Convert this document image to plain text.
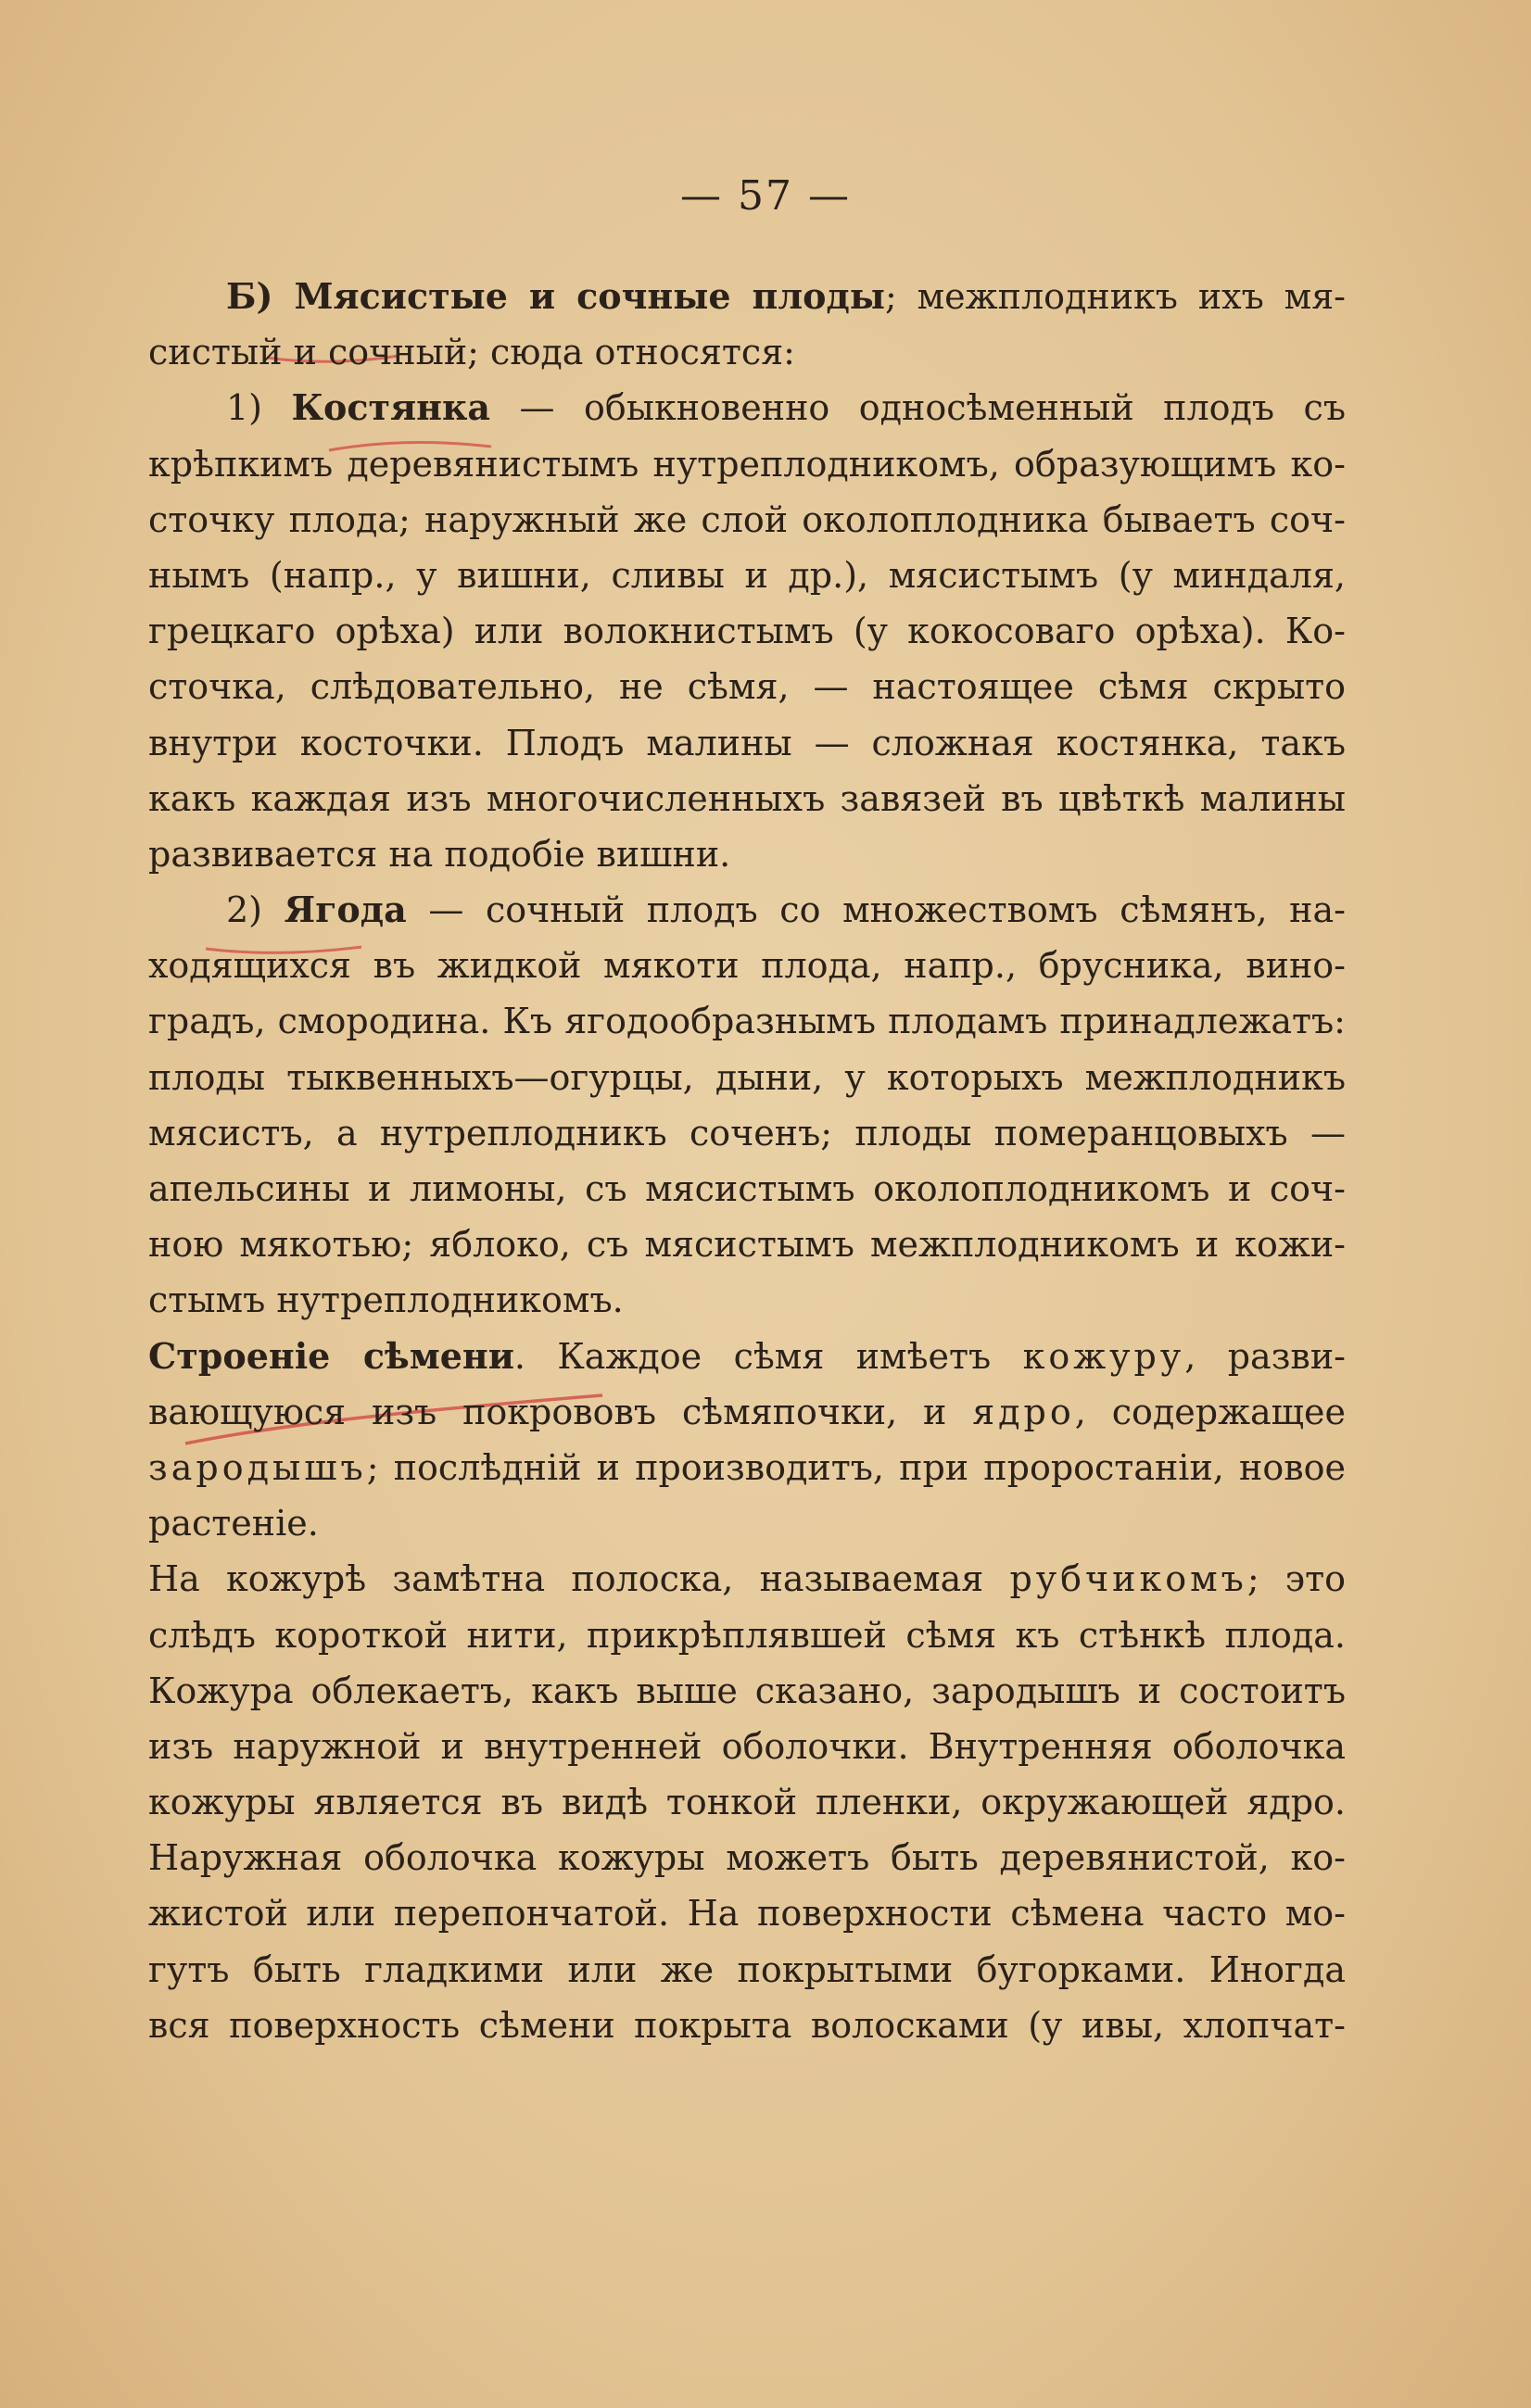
— 57 —
Б) Мясистые и сочные плоды; межплодникъ ихъ мя-
систый и сочный; сюда относятся:
1) Костянка — обыкновенно односѣменный плодъ съ
крѣпкимъ деревянистымъ нутреплодникомъ, образующимъ ко-
сточку плода; наружный же слой околоплодника бываетъ соч-
нымъ (напр., у вишни, сливы и др.), мясистымъ (у миндаля,
грецкаго орѣха) или волокнистымъ (у кокосоваго орѣха). Ко-
сточка, слѣдовательно, не сѣмя, — настоящее сѣмя скрыто
внутри косточки. Плодъ малины — сложная костянка, такъ
какъ каждая изъ многочисленныхъ завязей въ цвѣткѣ малины
развивается на подобіе вишни.
2) Ягода — сочный плодъ со множествомъ сѣмянъ, на-
ходящихся въ жидкой мякоти плода, напр., брусника, вино-
градъ, смородина. Къ ягодообразнымъ плодамъ принадлежатъ:
плоды тыквенныхъ—огурцы, дыни, у которыхъ межплодникъ
мясистъ, а нутреплодникъ соченъ; плоды померанцовыхъ —
апельсины и лимоны, съ мясистымъ околоплодникомъ и соч-
ною мякотью; яблоко, съ мясистымъ межплодникомъ и кожи-
стымъ нутреплодникомъ.
Строеніе сѣмени. Каждое сѣмя имѣетъ кожуру, разви-
вающуюся изъ покрововъ сѣмяпочки, и ядро, содержащее
зародышъ; послѣдній и производитъ, при проростаніи, новое
растеніе.
На кожурѣ замѣтна полоска, называемая рубчикомъ; это
слѣдъ короткой нити, прикрѣплявшей сѣмя къ стѣнкѣ плода.
Кожура облекаетъ, какъ выше сказано, зародышъ и состоитъ
изъ наружной и внутренней оболочки. Внутренняя оболочка
кожуры является въ видѣ тонкой пленки, окружающей ядро.
Наружная оболочка кожуры можетъ быть деревянистой, ко-
жистой или перепончатой. На поверхности сѣмена часто мо-
гутъ быть гладкими или же покрытыми бугорками. Иногда
вся поверхность сѣмени покрыта волосками (у ивы, хлопчат-
